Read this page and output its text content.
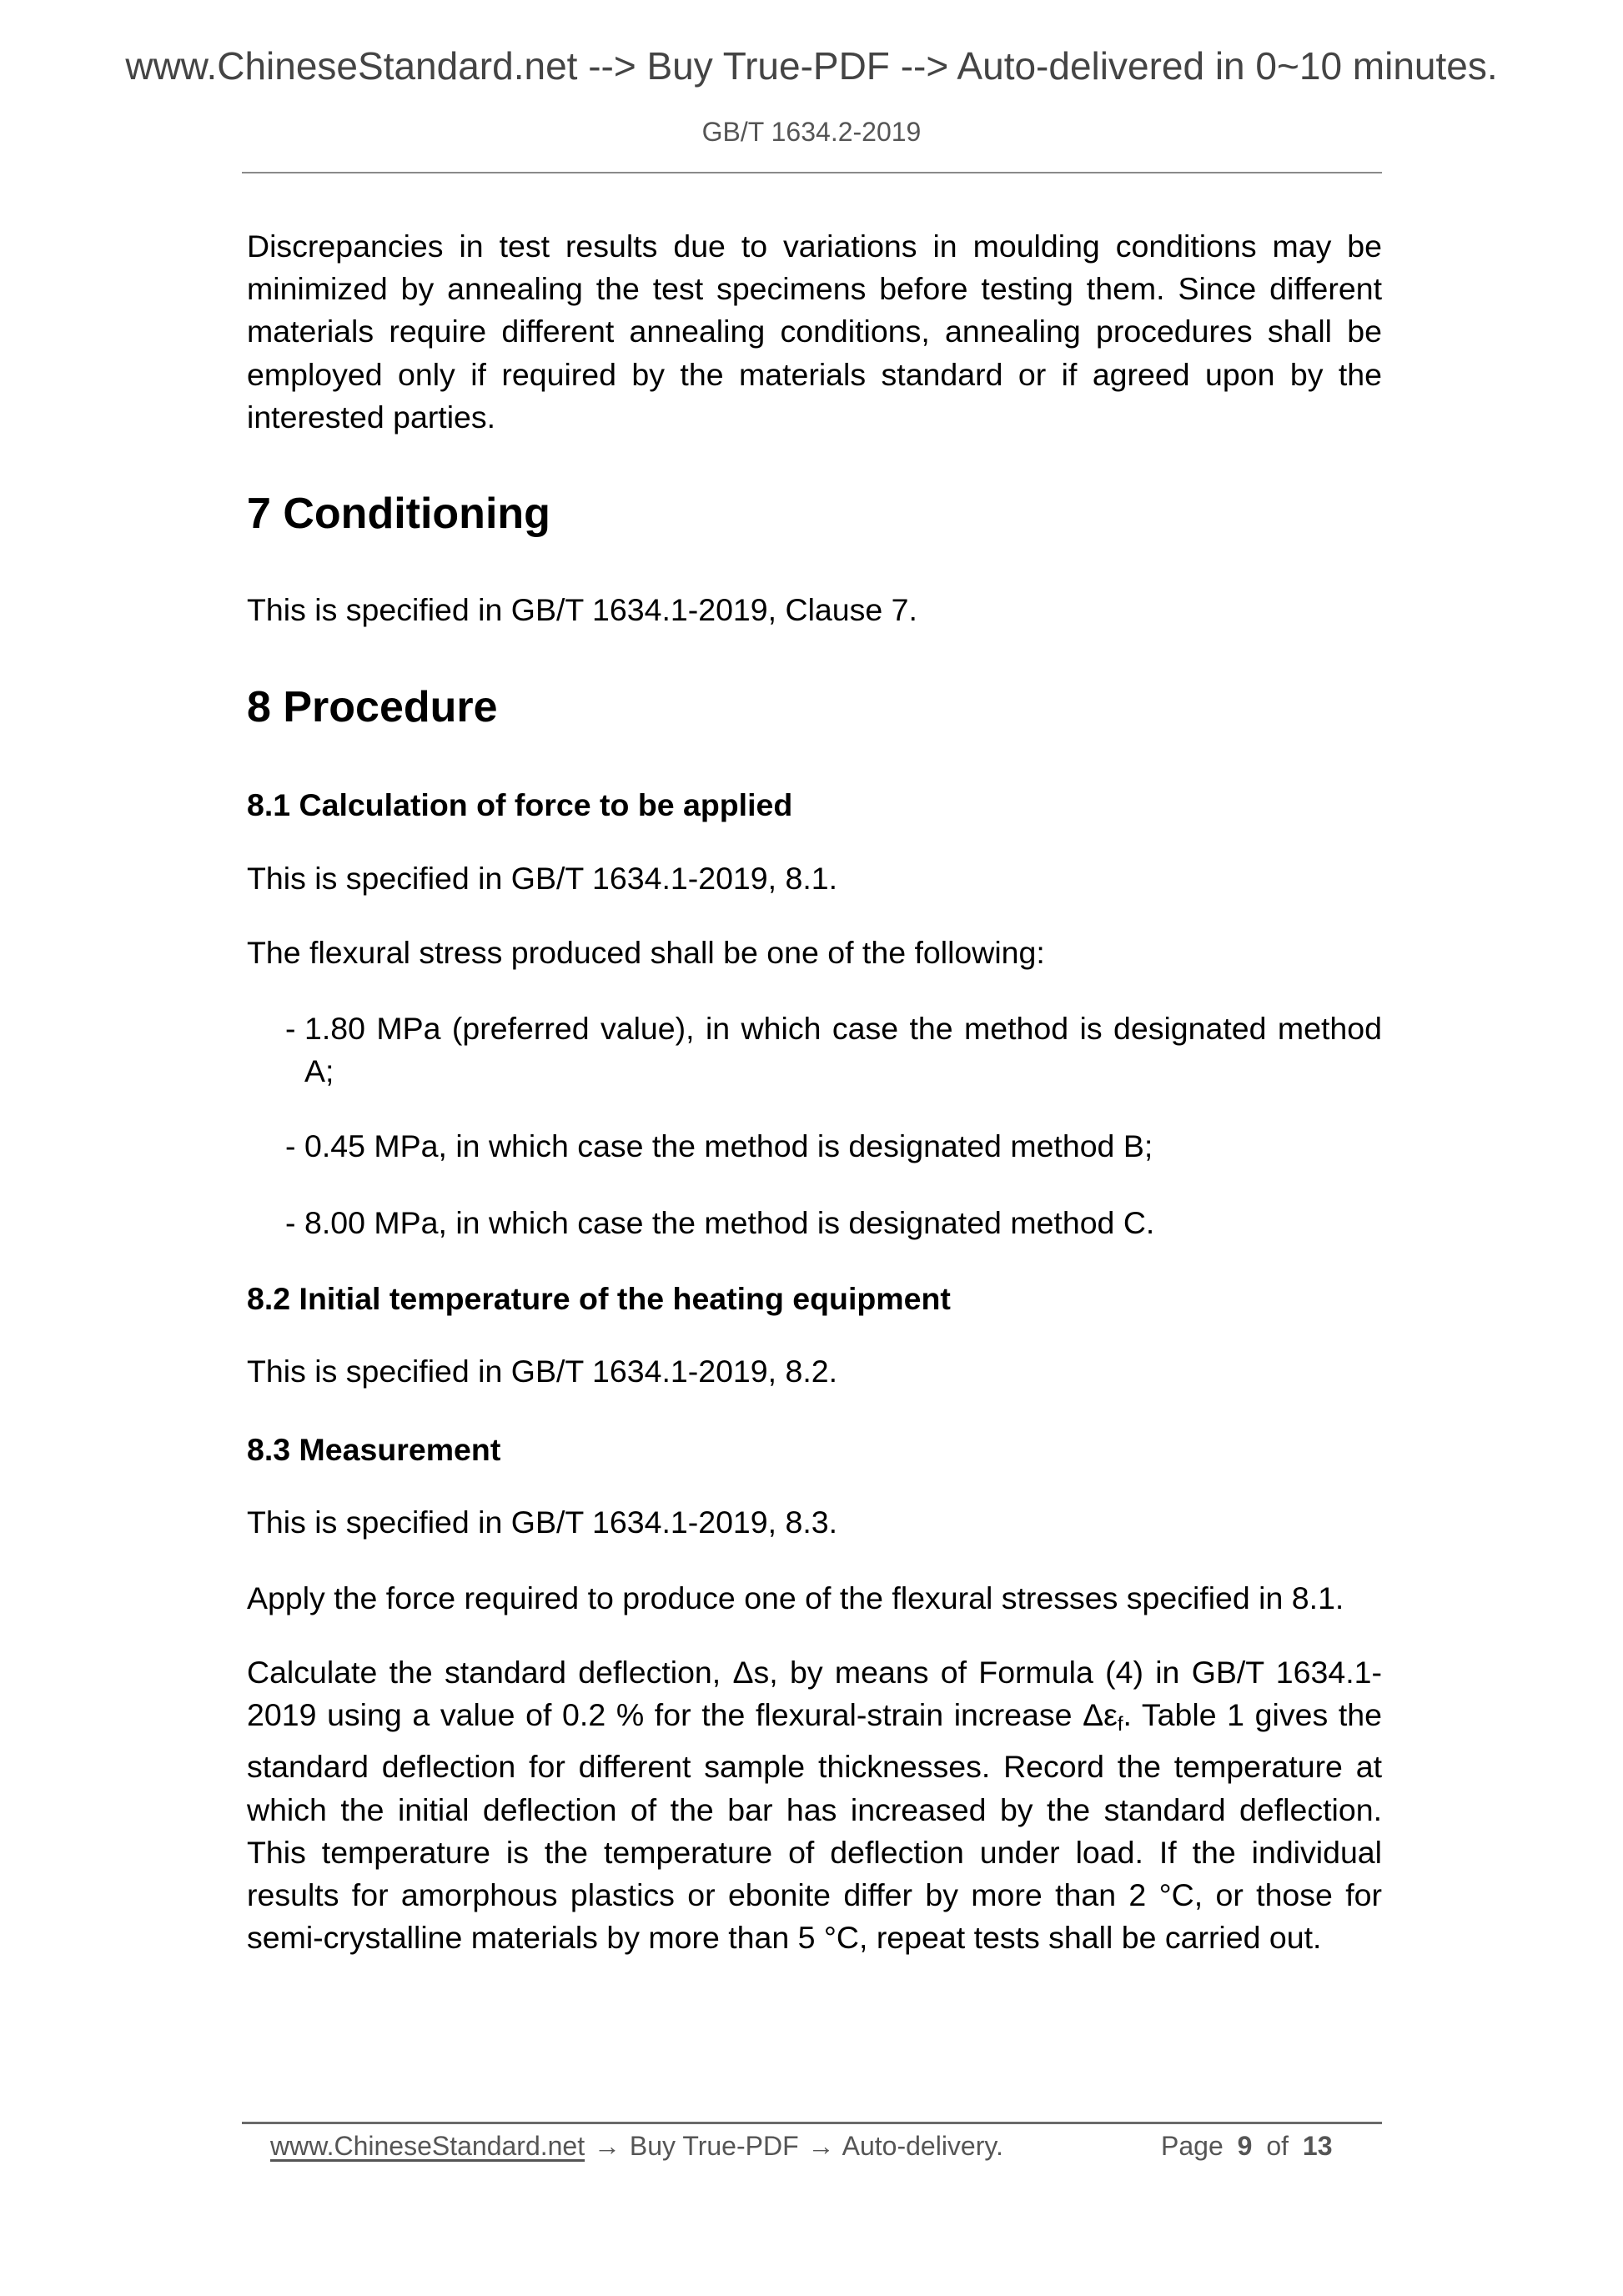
www.ChineseStandard.net --> Buy True-PDF --> Auto-delivered in 0~10 minutes.
GB/T 1634.2-2019
Discrepancies in test results due to variations in moulding conditions may be minimized by annealing the test specimens before testing them. Since different materials require different annealing conditions, annealing procedures shall be employed only if required by the materials standard or if agreed upon by the interested parties.
7 Conditioning
This is specified in GB/T 1634.1-2019, Clause 7.
8 Procedure
8.1 Calculation of force to be applied
This is specified in GB/T 1634.1-2019, 8.1.
The flexural stress produced shall be one of the following:
- 1.80 MPa (preferred value), in which case the method is designated method A;
- 0.45 MPa, in which case the method is designated method B;
- 8.00 MPa, in which case the method is designated method C.
8.2 Initial temperature of the heating equipment
This is specified in GB/T 1634.1-2019, 8.2.
8.3 Measurement
This is specified in GB/T 1634.1-2019, 8.3.
Apply the force required to produce one of the flexural stresses specified in 8.1.
Calculate the standard deflection, Δs, by means of Formula (4) in GB/T 1634.1-2019 using a value of 0.2 % for the flexural-strain increase $\Delta\varepsilon_f$. Table 1 gives the standard deflection for different sample thicknesses. Record the temperature at which the initial deflection of the bar has increased by the standard deflection. This temperature is the temperature of deflection under load. If the individual results for amorphous plastics or ebonite differ by more than 2 °C, or those for semi-crystalline materials by more than 5 °C, repeat tests shall be carried out.
www.ChineseStandard.net → Buy True-PDF → Auto-delivery.	Page 9 of 13
